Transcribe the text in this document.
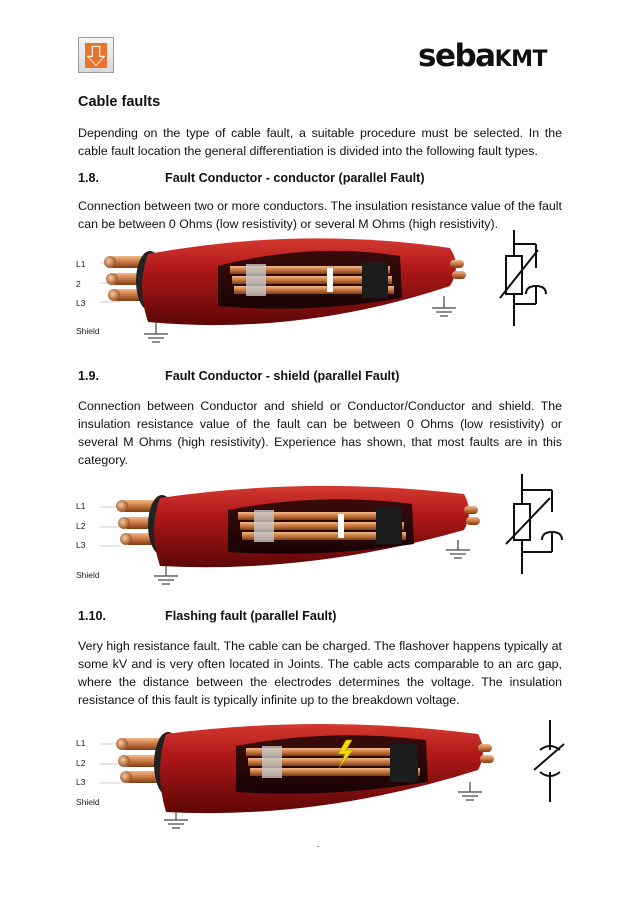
sebaKMT
Cable faults
Depending on the type of cable fault, a suitable procedure must be selected. In the cable fault location the general differentiation is divided into the following fault types.
1.8.	Fault Conductor - conductor (parallel Fault)
Connection between two or more conductors. The insulation resistance value of the fault can be between 0 Ohms (low resistivity) or several M Ohms (high resistivity).
L1
2
L3
Shield
1.9.	Fault Conductor - shield (parallel Fault)
Connection between Conductor and shield or Conductor/Conductor and shield. The insulation resistance value of the fault can be between 0 Ohms (low resistivity) or several M Ohms (high resistivity). Experience has shown, that most faults are in this category.
L1
L2
L3
Shield
1.10.	Flashing fault (parallel Fault)
Very high resistance fault. The cable can be charged. The flashover happens typically at some kV and is very often located in Joints. The cable acts comparable to an arc gap, where the distance between the electrodes determines the voltage. The insulation resistance of this fault is typically infinite up to the breakdown voltage.
L1
L2
L3
Shield
